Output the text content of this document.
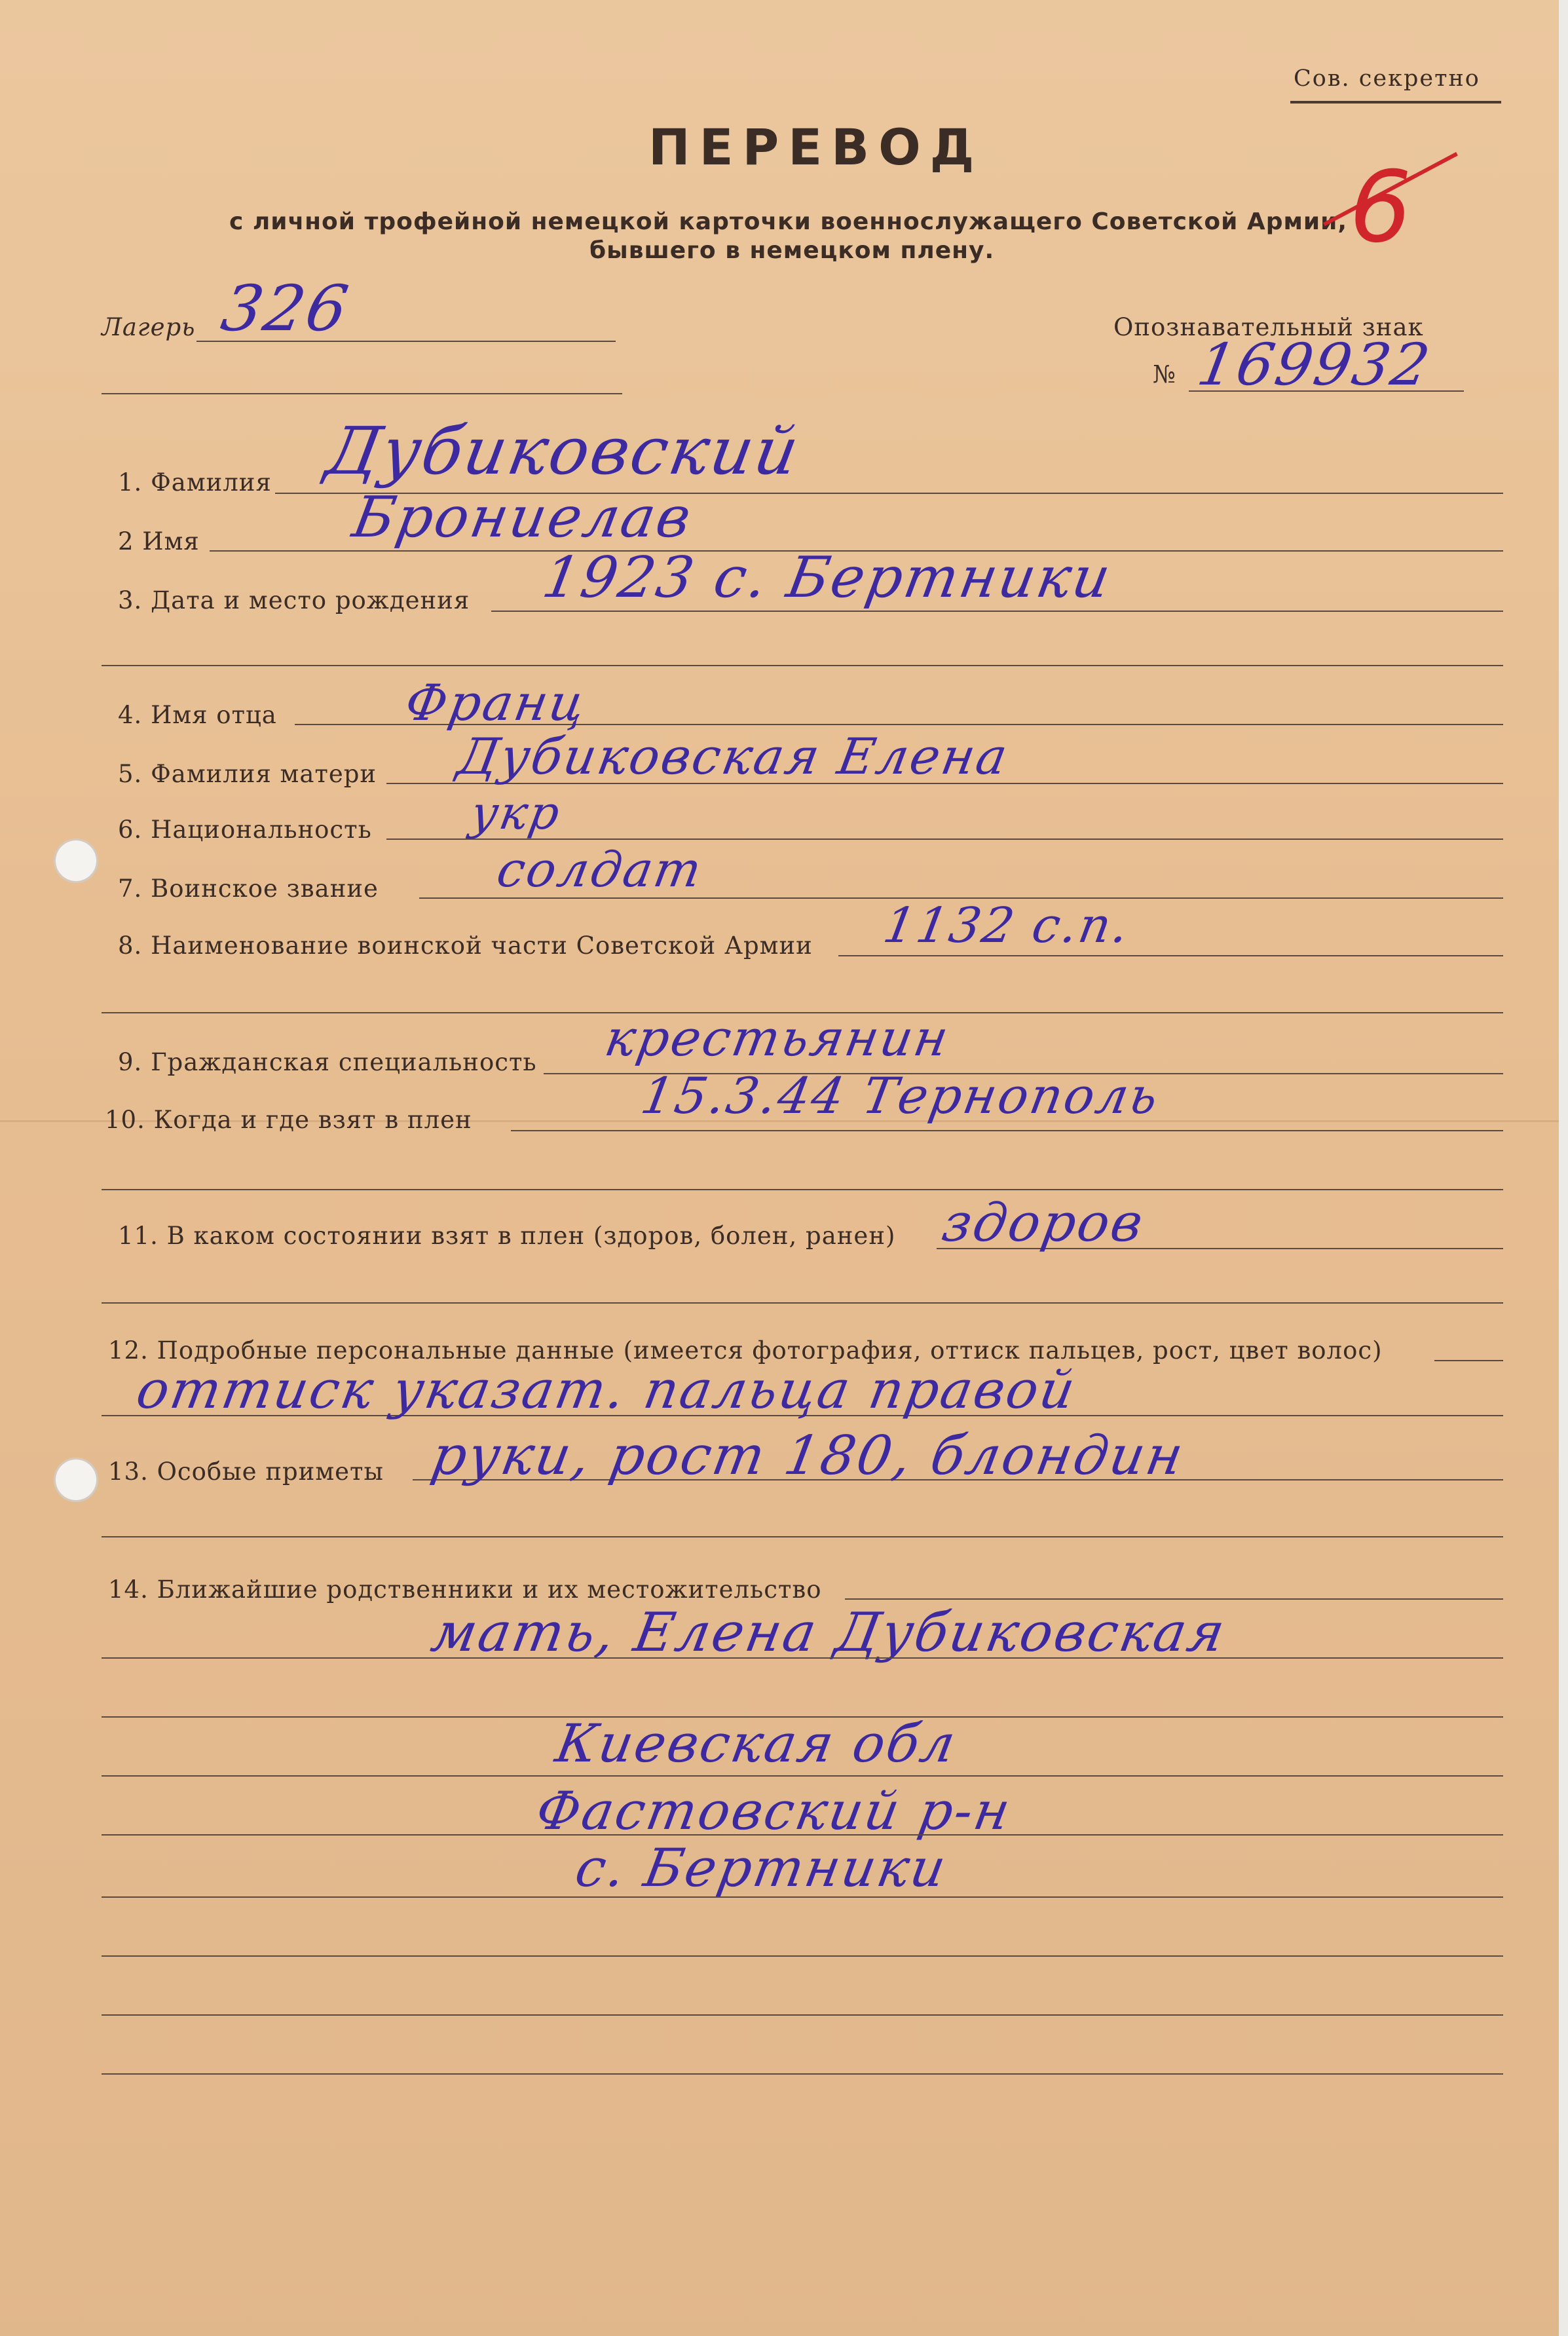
Сов. секретно
ПЕРЕВОД
с личной трофейной немецкой карточки военнослужащего Советской Армии,
бывшего в немецком плену.	6
Лагерь 326	Опознавательный знак
№ 169932
1. Фамилия Дубиковский
2 Имя	Брониелав
3. Дата и место рождения 1923 с. Бертники
4. Имя отца Франц
5. Фамилия матери Дубиковская Елена
6. Национальность укр
7. Воинское звание солдат
8. Наименование воинской части Советской Армии 1132 с.п.
9. Гражданская специальность крестьянин
10. Когда и где взят в плен	15.3.44 Тернополь
11. В каком состоянии взят в плен (здоров, болен, ранен) здоров
12. Подробные персональные данные (имеется фотография, оттиск пальцев, рост, цвет волос)
оттиск указат. пальца правой
13. Особые приметы руки, рост 180, блондин
14. Ближайшие родственники и их местожительство
мать, Елена Дубиковская
Киевская обл
Фастовский р-н
с. Бертники
